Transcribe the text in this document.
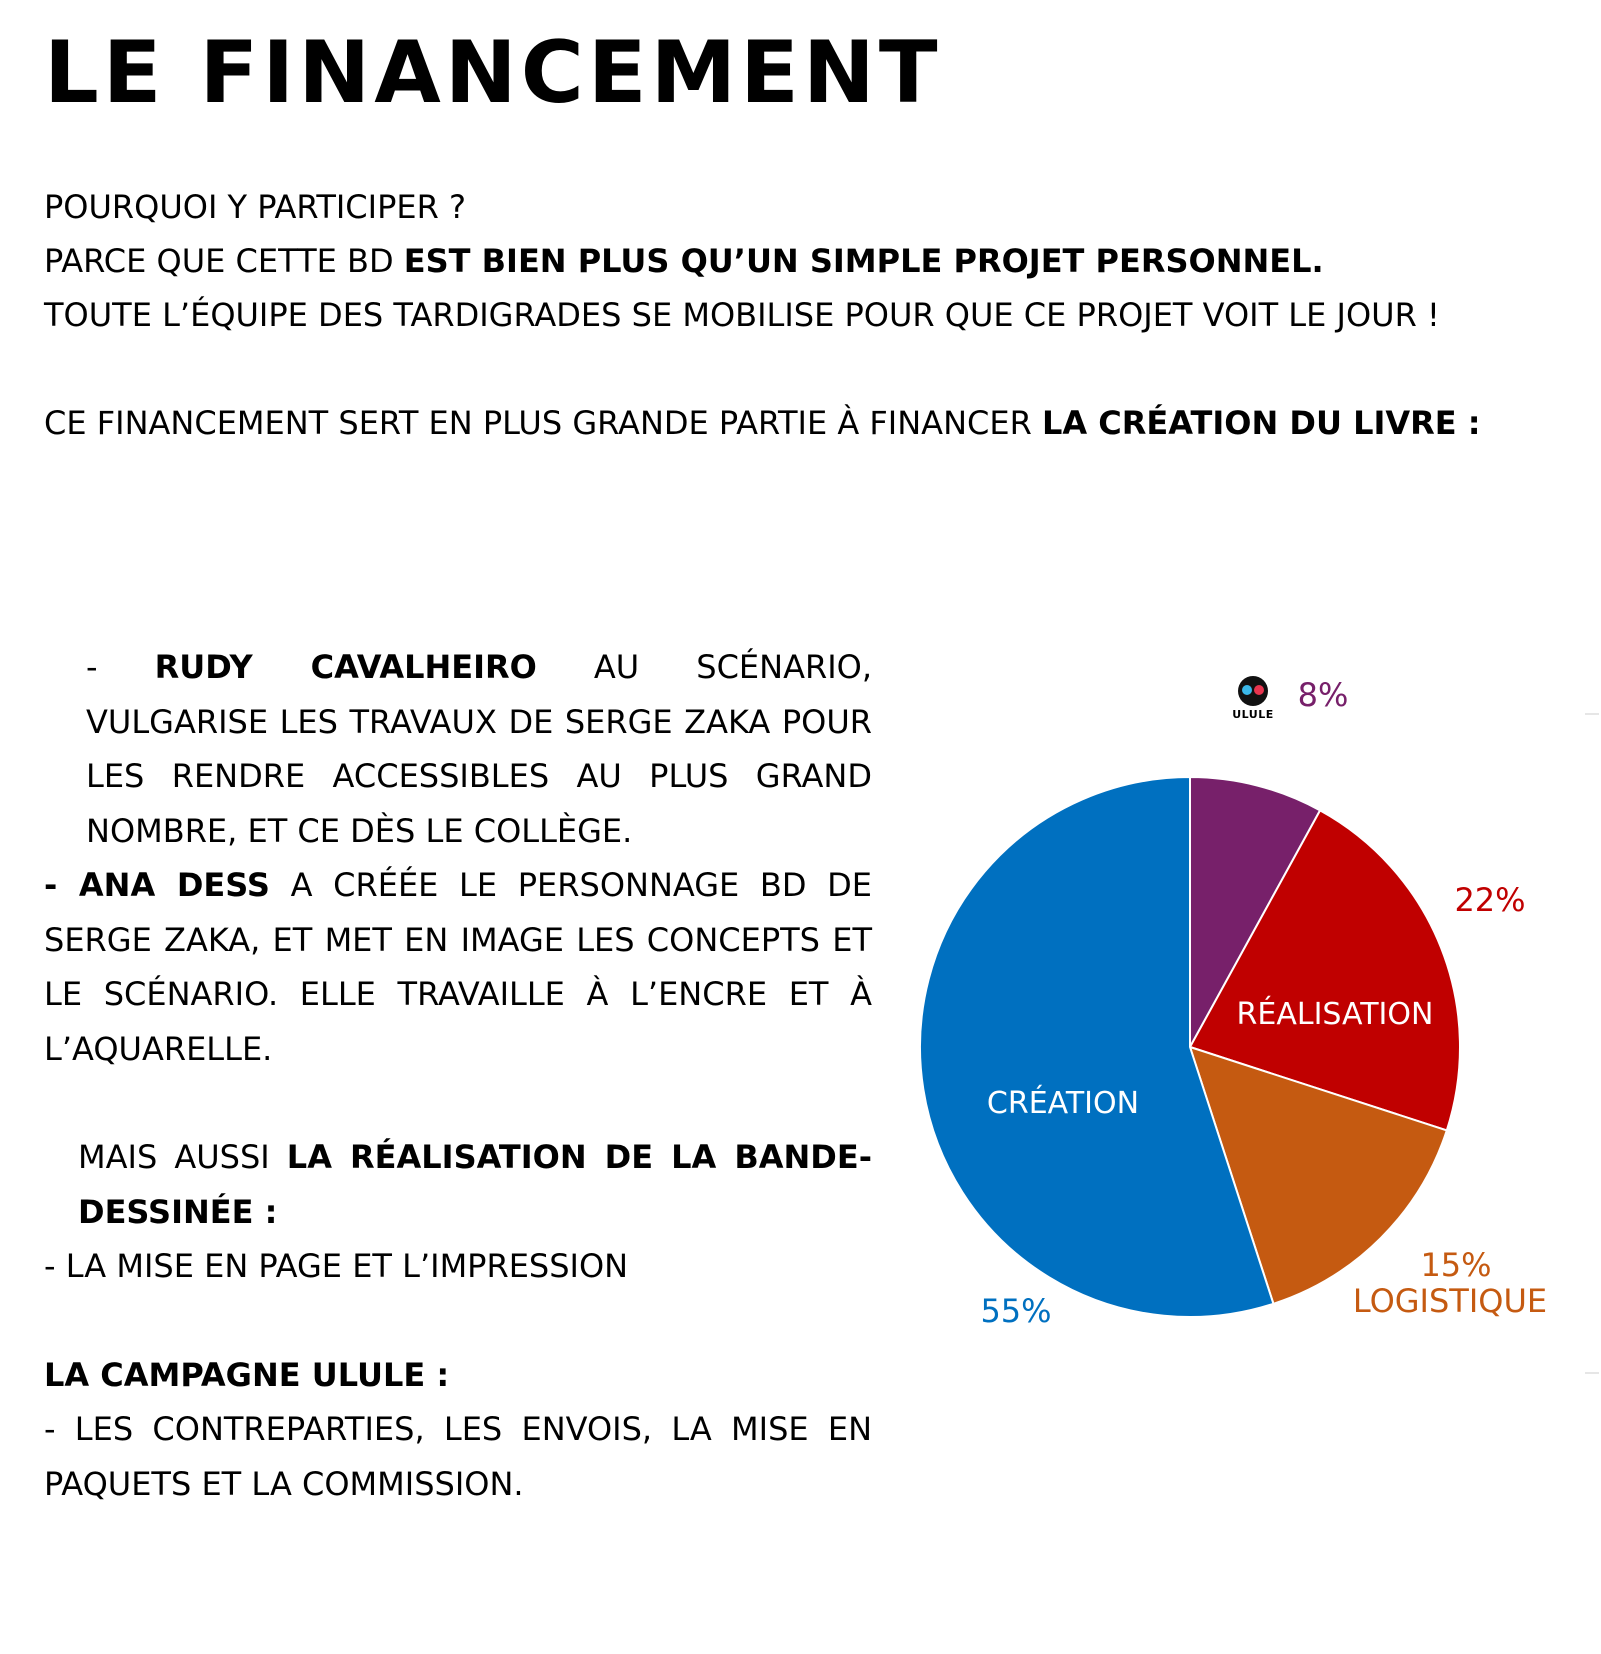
LE FINANCEMENT

POURQUOI Y PARTICIPER ?

PARCE QUE CETTE BD EST BIEN PLUS QU’UN SIMPLE PROJET PERSONNEL.

TOUTE L’ÉQUIPE DES TARDIGRADES SE MOBILISE POUR QUE CE PROJET VOIT LE JOUR !

CE FINANCEMENT SERT EN PLUS GRANDE PARTIE À FINANCER LA CRÉATION DU LIVRE :

- RUDY CAVALHEIRO AU SCÉNARIO, VULGARISE LES TRAVAUX DE SERGE ZAKA POUR LES RENDRE ACCESSIBLES AU PLUS GRAND NOMBRE, ET CE DÈS LE COLLÈGE.

- ANA DESS A CRÉÉE LE PERSONNAGE BD DE SERGE ZAKA, ET MET EN IMAGE LES CONCEPTS ET LE SCÉNARIO. ELLE TRAVAILLE À L’ENCRE ET À L’AQUARELLE.

MAIS AUSSI LA RÉALISATION DE LA BANDE-DESSINÉE :

- LA MISE EN PAGE ET L’IMPRESSION

LA CAMPAGNE ULULE :

- LES CONTREPARTIES, LES ENVOIS, LA MISE EN PAQUETS ET LA COMMISSION.

8%
22%
RÉALISATION
15%
LOGISTIQUE
55%
CRÉATION
ULULE
